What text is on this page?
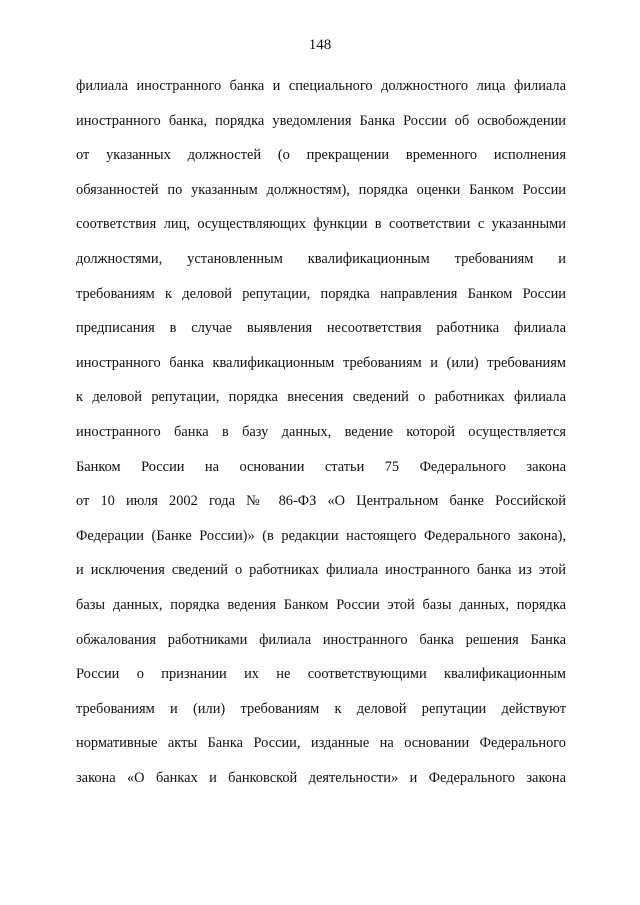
148
филиала иностранного банка и специального должностного лица филиала
иностранного банка, порядка уведомления Банка России об освобождении
от указанных должностей (о прекращении временного исполнения
обязанностей по указанным должностям), порядка оценки Банком России
соответствия лиц, осуществляющих функции в соответствии с указанными
должностями, установленным квалификационным требованиям и
требованиям к деловой репутации, порядка направления Банком России
предписания в случае выявления несоответствия работника филиала
иностранного банка квалификационным требованиям и (или) требованиям
к деловой репутации, порядка внесения сведений о работниках филиала
иностранного банка в базу данных, ведение которой осуществляется
Банком России на основании статьи 75 Федерального закона
от 10 июля 2002 года № 86-ФЗ «О Центральном банке Российской
Федерации (Банке России)» (в редакции настоящего Федерального закона),
и исключения сведений о работниках филиала иностранного банка из этой
базы данных, порядка ведения Банком России этой базы данных, порядка
обжалования работниками филиала иностранного банка решения Банка
России о признании их не соответствующими квалификационным
требованиям и (или) требованиям к деловой репутации действуют
нормативные акты Банка России, изданные на основании Федерального
закона «О банках и банковской деятельности» и Федерального закона
